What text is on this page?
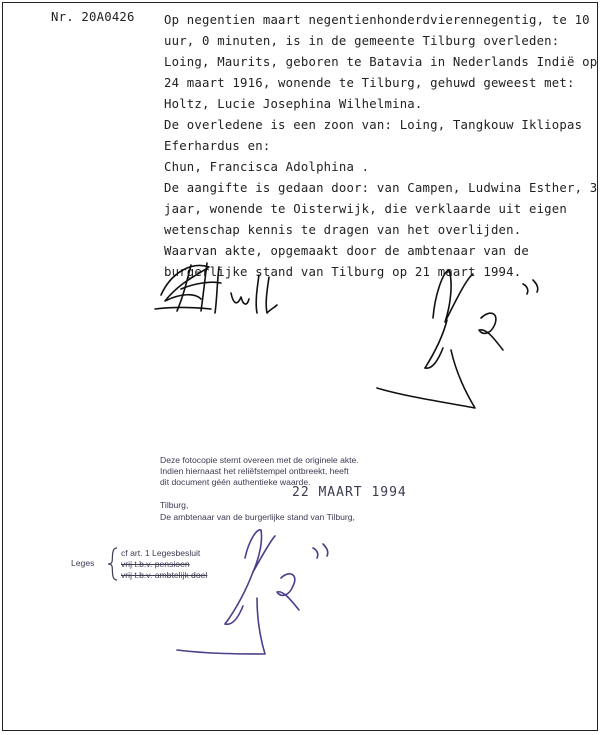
Nr. 20A0426 Op negentien maart negentienhonderdvierennegentig, te 10
uur, 0 minuten, is in de gemeente Tilburg overleden:
Loing, Maurits, geboren te Batavia in Nederlands Indië op
24 maart 1916, wonende te Tilburg, gehuwd geweest met:
Holtz, Lucie Josephina Wilhelmina.
De overledene is een zoon van: Loing, Tangkouw Ikliopas
Eferhardus en:
Chun, Francisca Adolphina .
De aangifte is gedaan door: van Campen, Ludwina Esther, 3
jaar, wonende te Oisterwijk, die verklaarde uit eigen
wetenschap kennis te dragen van het overlijden.
Waarvan akte, opgemaakt door de ambtenaar van de
burgerlijke stand van Tilburg op 21 maart 1994.
Deze fotocopie stemt overeen met de originele akte.
Indien hiernaast het reliëfstempel ontbreekt, heeft
dit document géén authentieke waarde.
22 MAART 1994
Tilburg,
De ambtenaar van de burgerlijke stand van Tilburg,
Leges
cf art. 1 Legesbesluit
vrij t.b.v. pensioen
vrij t.b.v. ambtelijk doel
